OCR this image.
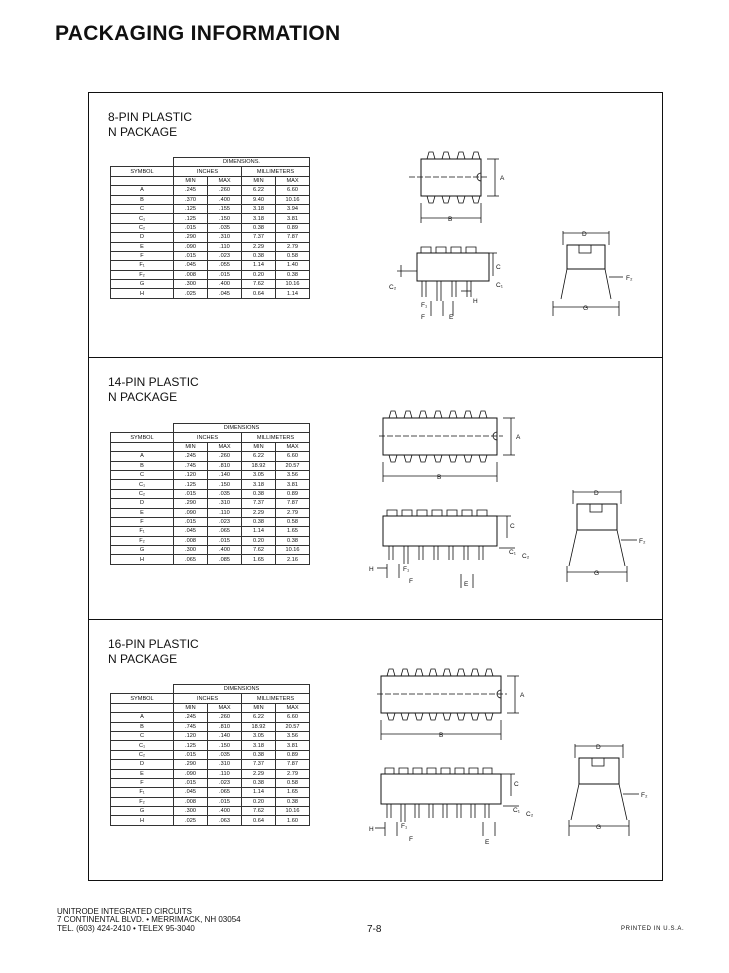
PACKAGING INFORMATION
8-PIN PLASTIC
N PACKAGE
	DIMENSIONS.			
SYMBOL	INCHES		MILLIMETERS	
	MIN	MAX	MIN	MAX
A	.245	.260	6.22	6.60
B	.370	.400	9.40	10.16
C	.125	.155	3.18	3.94
C₁	.125	.150	3.18	3.81
C₂	.015	.035	0.38	0.89
D	.290	.310	7.37	7.87
E	.090	.110	2.29	2.79
F	.015	.023	0.38	0.58
F₁	.045	.055	1.14	1.40
F₂	.008	.015	0.20	0.38
G	.300	.400	7.62	10.16
H	.025	.045	0.64	1.14
A
B
C
C₁
C₂
F₁
F	E
H
D
F₂
G
14-PIN PLASTIC
N PACKAGE
	DIMENSIONS			
SYMBOL	INCHES		MILLIMETERS	
	MIN	MAX	MIN	MAX
A	.245	.260	6.22	6.60
B	.745	.810	18.92	20.57
C	.120	.140	3.05	3.56
C₁	.125	.150	3.18	3.81
C₂	.015	.035	0.38	0.89
D	.290	.310	7.37	7.87
E	.090	.110	2.29	2.79
F	.015	.023	0.38	0.58
F₁	.045	.065	1.14	1.65
F₂	.008	.015	0.20	0.38
G	.300	.400	7.62	10.16
H	.065	.085	1.65	2.16
A
B
C
C₁
C₂
H	F₁
F	E
D
F₂
G
16-PIN PLASTIC
N PACKAGE
	DIMENSIONS			
SYMBOL	INCHES		MILLIMETERS	
	MIN	MAX	MIN	MAX
A	.245	.260	6.22	6.60
B	.745	.810	18.92	20.57
C	.120	.140	3.05	3.56
C₁	.125	.150	3.18	3.81
C₂	.015	.035	0.38	0.89
D	.290	.310	7.37	7.87
E	.090	.110	2.29	2.79
F	.015	.023	0.38	0.58
F₁	.045	.065	1.14	1.65
F₂	.008	.015	0.20	0.38
G	.300	.400	7.62	10.16
H	.025	.063	0.64	1.60
A
B
C
C₁
C₂
H	F₁
F	E
D
F₂
G
UNITRODE INTEGRATED CIRCUITS
7 CONTINENTAL BLVD. • MERRIMACK, NH 03054
TEL. (603) 424-2410 • TELEX 95-3040	7-8	PRINTED IN U.S.A.
